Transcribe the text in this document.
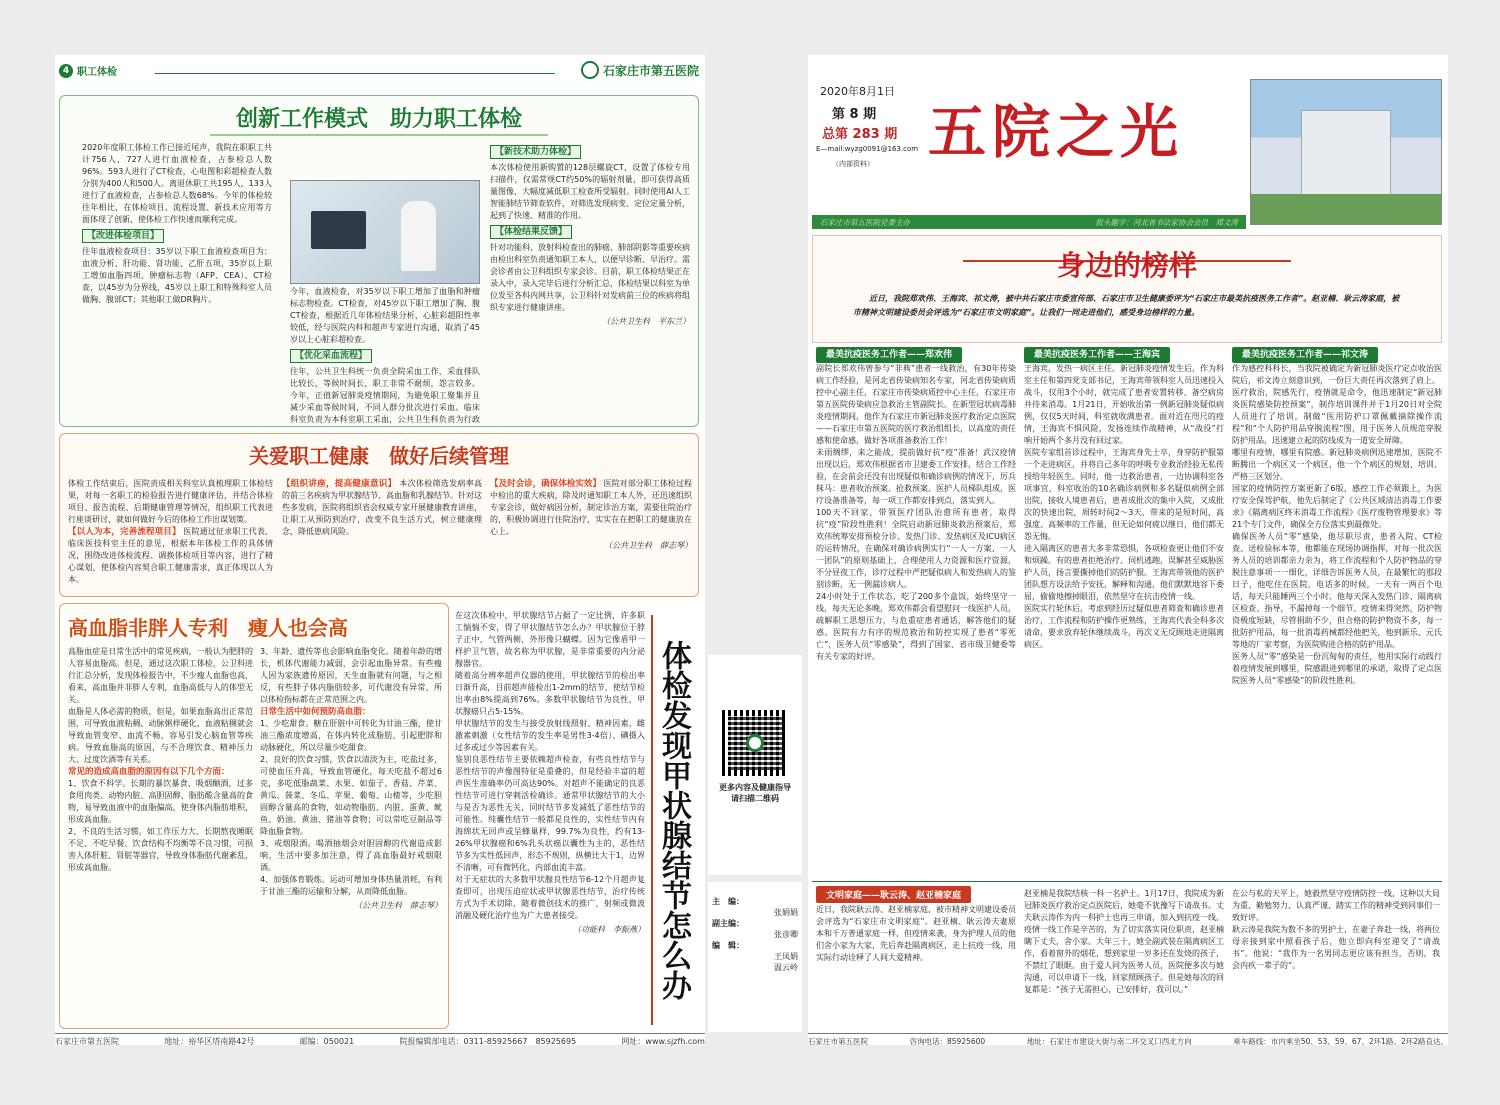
4 职工体检	石家庄市第五医院
创新工作模式　助力职工体检

2020年度职工体检工作已接近尾声，我院在职职工共计756人，727人进行血液检查，占参检总人数96%。593人进行了CT检查，心电图和彩超检查人数分别为400人和500人。离退休职工共195人，133人进行了血液检查，占参检总人数68%。今年的体检较往年相比，在体检项目、流程设置、新技术应用等方面体现了创新，使体检工作快速而顺利完成。

【改进体检项目】

往年血液检查项目：35岁以下职工血液检查项目为：血液分析、肝功能、肾功能、乙肝五项，35岁以上职工增加血脂四项、肿瘤标志物（AFP、CEA）、CT检查，以45岁为分界线，45岁以上职工和特殊科室人员做胸、腹部CT；其他职工做DR胸片。

今年，血液检查，对35岁以下职工增加了血脂和肿瘤标志物检查。CT检查，对45岁以下职工增加了胸、腹CT检查，根据近几年体检结果分析，心脏彩超阳性率较低，经与医院内科和超声专家进行沟通，取消了45岁以上心脏彩超检查。

【优化采血流程】

往年，公共卫生科统一负责全院采血工作，采血排队比较长，等候时间长，职工非常不耐烦，怨言较多。今年，正值新冠肺炎疫情期间，为避免职工聚集并且减少采血等候时间，不同人群分批次进行采血。临床科室负责为本科室职工采血，公共卫生科负责为行政

【新技术助力体检】

本次体检使用新购置的128层螺旋CT，设置了体检专用扫描件，仅需常规CT约50%的辐射剂量，即可获得高质量图像，大幅度减低职工检查所受辐射。同时使用AI人工智能肺结节筛查软件，对筛选发现病变、定位定量分析，起到了快速、精准的作用。

【体检结果反馈】

针对功能科、放射科检查出的肺癌、肺部阴影等重要疾病由检出科室负责通知职工本人，以便早诊断、早治疗。需会诊者由公卫科组织专家会诊。目前，职工体检结果正在录入中，录入完毕后进行分析汇总，体检结果以科室为单位发至各科内网共享，公卫科针对发病前三位的疾病将组织专家进行健康讲座。

（公共卫生科　平东兰）
关爱职工健康　做好后续管理

体检工作结束后，医院责成相关科室认真梳理职工体检结果，对每一名职工的检验报告进行健康评估，并结合体检项目、报告流程、后期健康管理等情况，组织职工代表进行座谈研讨，就如何做好今后的体检工作出谋划策。

【以人为本，完善流程项目】 医院通过征求职工代表、临床医技科室主任的意见，根据本年体检工作的具体情况，围绕改进体检流程、调换体检项目等内容，进行了精心谋划，使体检内容契合职工健康需求，真正体现以人为本。
【组织讲座，提高健康意识】 本次体检筛选发病率高的前三名疾病为甲状腺结节、高血脂和乳腺结节。针对这些多发病，医院将组织省会权威专家开展健康教育讲座，让职工从预防到治疗，改变不良生活方式，树立健康理念，降低患病风险。
【及时会诊，确保体检实效】 医院对部分职工体检过程中检出的重大疾病，除及时通知职工本人外，还迅速组织专家会诊，做好病因分析，制定诊治方案，需要住院治疗的，积极协调进行住院治疗，实实在在把职工的健康放在心上。
（公共卫生科　薛志琴）
高血脂非胖人专利　瘦人也会高

高脂血症是日常生活中的常见疾病，一般认为肥胖的人容易血脂高。但是，通过这次职工体检，公卫科进行汇总分析，发现体检报告中，不少瘦人血脂也高，看来，高血脂并非胖人专利，血脂高低与人的体型无关。

血脂是人体必需的物质，但是，如果血脂高出正常范围，可导致血液粘稠、动脉粥样硬化，血液粘稠就会导致血管变窄、血流不畅，容易引发心脑血管等疾病。导致血脂高的原因，与不合理饮食、精神压力大、过度饮酒等有关系。

常见的造成高血脂的原因有以下几个方面：

1、饮食不科学。长期的暴饮暴食、吸烟酗酒，过多食用肉类、动物内脏、高胆固醇、脂肪酸含量高的食物，易导致血液中的血脂偏高，使身体内脂肪堆积，形成高血脂。

2、不良的生活习惯。如工作压力大、长期熬夜睡眠不足、不吃早餐、饮食结构不均衡等不良习惯，可损害人体肝脏、肾脏等器官，导致身体脂肪代谢紊乱，形成高血脂。

3、年龄、遗传等也会影响血脂变化。随着年龄的增长，机体代谢能力减弱，会引起血脂异常。有些瘦人因为家族遗传原因，天生血脂就有问题，与之相反，有些胖子体内脂肪较多，可代谢没有异常，所以体检指标都在正常范围之内。

日常生活中如何预防高血脂：

1、少吃甜食。糖在肝脏中可转化为甘油三酯，使甘油三酯浓度增高，在体内转化成脂肪，引起肥胖和动脉硬化，所以尽量少吃甜食。

2、良好的饮食习惯，饮食以清淡为主，吃盐过多，可使血压升高，导致血管硬化，每天吃盐不超过6克，多吃低脂蔬菜、水果、如茄子、香菇、芹菜、黄瓜、菠菜、冬瓜、苹果、葡萄、山楂等，少吃胆固醇含量高的食物，如动物脂肪、内脏、蛋黄、鱿鱼、奶油、黄油、猪油等食物；可以常吃豆制品等降血脂食物。

3、戒烟限酒。喝酒抽烟会对胆固醇的代谢造成影响，生活中要多加注意，得了高血脂最好戒烟限酒。

4、加强体育锻炼。运动可增加身体热量消耗，有利于甘油三酯的运输和分解，从而降低血脂。

（公共卫生科　薛志琴）

在这次体检中，甲状腺结节占据了一定比例，许多职工惴惴不安，得了甲状腺结节怎么办？甲状腺位于脖子正中，气管两侧，外形像只蝴蝶。因为它像盾甲一样护卫气管，故名称为甲状腺，是非常重要的内分泌腺器官。

随着高分辨率超声仪器的使用，甲状腺结节的检出率日渐升高，目前超声能检出1-2mm的结节，使结节检出率由8%提高到76%。多数甲状腺结节为良性，甲状腺癌只占5-15%。

甲状腺结节的发生与接受放射线照射、精神因素、雌激素刺激（女性结节的发生率是男性3-4倍）、碘摄入过多或过少等因素有关。

鉴别良恶性结节主要依赖超声检查，有些良性结节与恶性结节的声像图特征是重叠的，但是经验丰富的超声医生准确率仍可高达90%。对超声不能确定的良恶性结节可进行穿刺活检确诊。通常甲状腺结节的大小与是否为恶性无关，同时结节多发减低了恶性结节的可能性。纯囊性结节一般都是良性的，实性结节内有海绵状无回声或呈蜂巢样，99.7%为良性，约有13-26%甲状腺癌和6%乳头状癌以囊性为主的，恶性结节多为实性低回声，形态不规则，纵横比大于1，边界不清晰，可有微钙化，内部血流丰富。

对于无症状的大多数甲状腺良性结节6-12个月超声复查即可，出现压迫症状或甲状腺恶性结节，治疗传统方式为手术切除，随着微创技术的推广，射频或微波消融及硬化治疗也为广大患者接受。

（功能科　李振燕） 体检发现甲状腺结节怎么办
石家庄市第五医院	地址：裕华区塔南路42号	邮编：050021	院报编辑部电话：0311-85925667　85925695	网址：www.sjzfh.com
更多内容及健康指导
请扫描二维码
主　编：
张娟娟
副主编：
张彦卿
编　辑：
王凤娟
温云岭
2020年8月1日
第 8 期
总第 283 期
E—mail:wyzg0091@163.com
（内部资料） 五院之光
石家庄市第五医院党委主办	报头题字：河北省书法家协会会员　郑文涛
身边的榜样
近日，我院郑欢伟、王海宾、祁文涛，被中共石家庄市委宣传部、石家庄市卫生健康委评为“石家庄市最美抗疫医务工作者”。赵亚楠、耿云涛家庭，被市精神文明建设委员会评选为“石家庄市文明家庭”。让我们一同走进他们，感受身边榜样的力量。
最美抗疫医务工作者——郑欢伟

副院长郑欢伟曾参与“非典”患者一线救治，有30年传染病工作经验，是河北省传染病知名专家，河北省传染病质控中心副主任，石家庄市传染病质控中心主任，石家庄市第五医院传染病应急救治主管副院长。在新型冠状病毒肺炎疫情期间，他作为石家庄市新冠肺炎医疗救治定点医院——石家庄市第五医院的医疗救治组组长，以高度的责任感和使命感，做好各项准备救治工作！

未雨绸缪，来之能战，提前做好抗“疫”准备！武汉疫情出现以后，郑欢伟根据省市卫建委工作安排，结合工作经验，在会前会还没有出现疑似和确诊病例的情况下，厉兵秣马：患者收治预案、抢救预案、医护人员梯队组成，医疗设备准备等，每一项工作都安排到点，落实到人。

100天不回家，带领医疗团队治愈所有患者，取得抗“疫”阶段性胜利！全院启动新冠肺炎救治预案后，郑欢伟统筹安排预检分诊、发热门诊、发热病区及ICU病区的运转情况，在确保对确诊病例实行“一人一方案、一人一团队”的原则基础上，合理使用人力资源和医疗资源，不分昼夜工作，诊疗过程中严把疑似病人和发热病人的鉴别诊断，无一例漏诊病人。

24小时处于工作状态，吃了200多个盒饭，始终坚守一线，每天无论多晚，郑欢伟都会看望慰问一线医护人员，疏解职工思想压力，与危重症患者通话，解答他们的疑惑。医院有力有序的规范救治和防控实现了患者“零死亡”，医务人员“零感染”，得到了国家、省市级卫健委等有关专家的好评。

最美抗疫医务工作者——王海宾

王海宾，发热一病区主任。新冠肺炎疫情发生后，作为科室主任和第四党支部书记，王海宾带领科室人员迅速投入战斗，仅用3个小时，就完成了患者安置转移、备空病房并待来消毒。1月21日，开始收治第一例新冠肺炎疑似病例，仅仅5天时间，科室就收满患者。面对近在咫尺的疫情，王海宾不惧风险，发扬连续作战精神，从“战役”打响开始两个多月没有回过家。

医院专家组首诊过程中，王海宾身先士卒，身穿防护服第一个走进病区，并将自己多年的呼吸专业救治经验无私传授给年轻医生。同时，他一边救治患者，一边协调科室各项事宜，科室收治的10名确诊病例和多名疑似病例全部出院，接收人境患者后，患者成批次的集中入院，又成批次的快速出院，周转时间2～3天，带来的是短时间、高强度、高频率的工作量，但无论如何疲以继日，他们都无怨无悔。

进入隔离区的患者大多非常恐惧，各项检查更让他们不安和烦躁。有的患者拒绝治疗、伺机逃跑，误解甚至威胁医护人员，扬言要撕掉他们的防护服。王海宾带领他的医护团队想方设法给予安抚，解释和沟通，他们默默地容下委屈，偷偷地擦掉眼泪，依然坚守在抗击疫情一线。

医院实行轮休后，考虑到经历过疑似患者筛查和确诊患者治疗，工作流程和防护操作更熟练，王海宾代表全科多次请命，要求放弃轮休继续战斗，再次义无反顾地走进隔离病区。

最美抗疫医务工作者——祁文涛

作为感控科科长，当我院被确定为新冠肺炎医疗定点收治医院后，祁文涛立刻意识到，一份巨大责任再次落到了肩上。

医疗救治，院感先行，疫情就是命令，他迅速制定“新冠肺炎医院感染防控预案”，制作培训课件并于1月20日对全院人员进行了培训，制做“医用防护口罩佩戴摘除操作流程”和“个人防护用品穿脱流程”图，用于医务人员规范穿脱防护用品，迅速建立起的防线成为一道安全屏障。

哪里有疫情，哪里有院感。新冠肺炎病例迅速增加，医院不断腾出一个病区又一个病区，他一个个病区的规划、培训、严格三区划分。

国家的疫情防控方案更新了6版，感控工作必须跟上，为医疗安全保驾护航，他先后制定了《公共区域清洁消毒工作要求》《隔离病区终末消毒工作流程》《医疗废物管理要求》等21个专门文件，确保全方位落实到最微处。

确保医务人员“零”感染，他尽职尽责，患者入院、CT检查、送检验标本等，他都能在现场协调指挥，对每一批次医务人员的培训都亲力亲为，将工作流程和个人防护物品的穿脱注意事项一一细化，详细告诉医务人员，在最繁忙的那段日子，他吃住在医院，电话多的时候，一天有一两百个电话，每天只能睡两三个小时。他每天深入发热门诊、隔离病区检查、指导，不漏掉每一个细节。疫情来得突然，防护物资极度短缺，尽管捐助不少，但合格的防护物资不多，每一批防护用品，每一批消毒药械都经他把关，他到新乐、元氏等地的厂家考察，为医院购进合格的防护用品。

医务人员“零”感染是一份沉甸甸的责任，他用实际行动践行着疫情发展到哪里，院感跟进到哪里的承诺，取得了定点医院医务人员“零感染”的阶段性胜利。

文明家庭——耿云涛、赵亚楠家庭

近日，我院耿云涛、赵亚楠家庭，被市精神文明建设委员会评选为“石家庄市文明家庭”。赵亚楠、耿云涛夫妻原本和千万普通家庭一样，但疫情来袭，身为护理人员的他们舍小家为大家，先后奔赴隔离病区，走上抗疫一线，用实际行动诠释了人间大爱精神。

赵亚楠是我院结核一科一名护士。1月17日，我院成为新冠肺炎医疗救治定点医院后，她毫不犹豫写下请战书。丈夫耿云涛作为内一科护士也再三申请，加入到抗疫一线。疫情一线工作是辛苦的，为了切实落实岗位职责，赵亚楠瞒下丈夫，舍小家。大年三十，她全副武装在隔离病区工作，看着窗外的烟花，想到家里一岁多还在发烧的孩子，不禁红了眼眶。由于爱人同为医务人员，医院便多次与她沟通，可以申请下一线，回家照顾孩子。但是她每次的回复都是：“孩子无需担心，已安排好，我可以。”

在公与私的天平上，她毅然坚守疫情防控一线，这种以大局为重、勤勉努力、认真严谨、踏实工作的精神受到同事们一致好评。

耿云涛是我院为数不多的男护士，在妻子奔赴一线，将两位母亲接到家中照看孩子后，他立即向科室递交了“请战书”。他说：“我作为一名男同志更应该有担当，否则，我会内疚一辈子的”。

石家庄市第五医院	咨询电话：85925600	地址：石家庄市建设大街与南二环交叉口西北方向	乘车路线：市内乘坐50、53、59、67、2环1路、2环2路直达。
